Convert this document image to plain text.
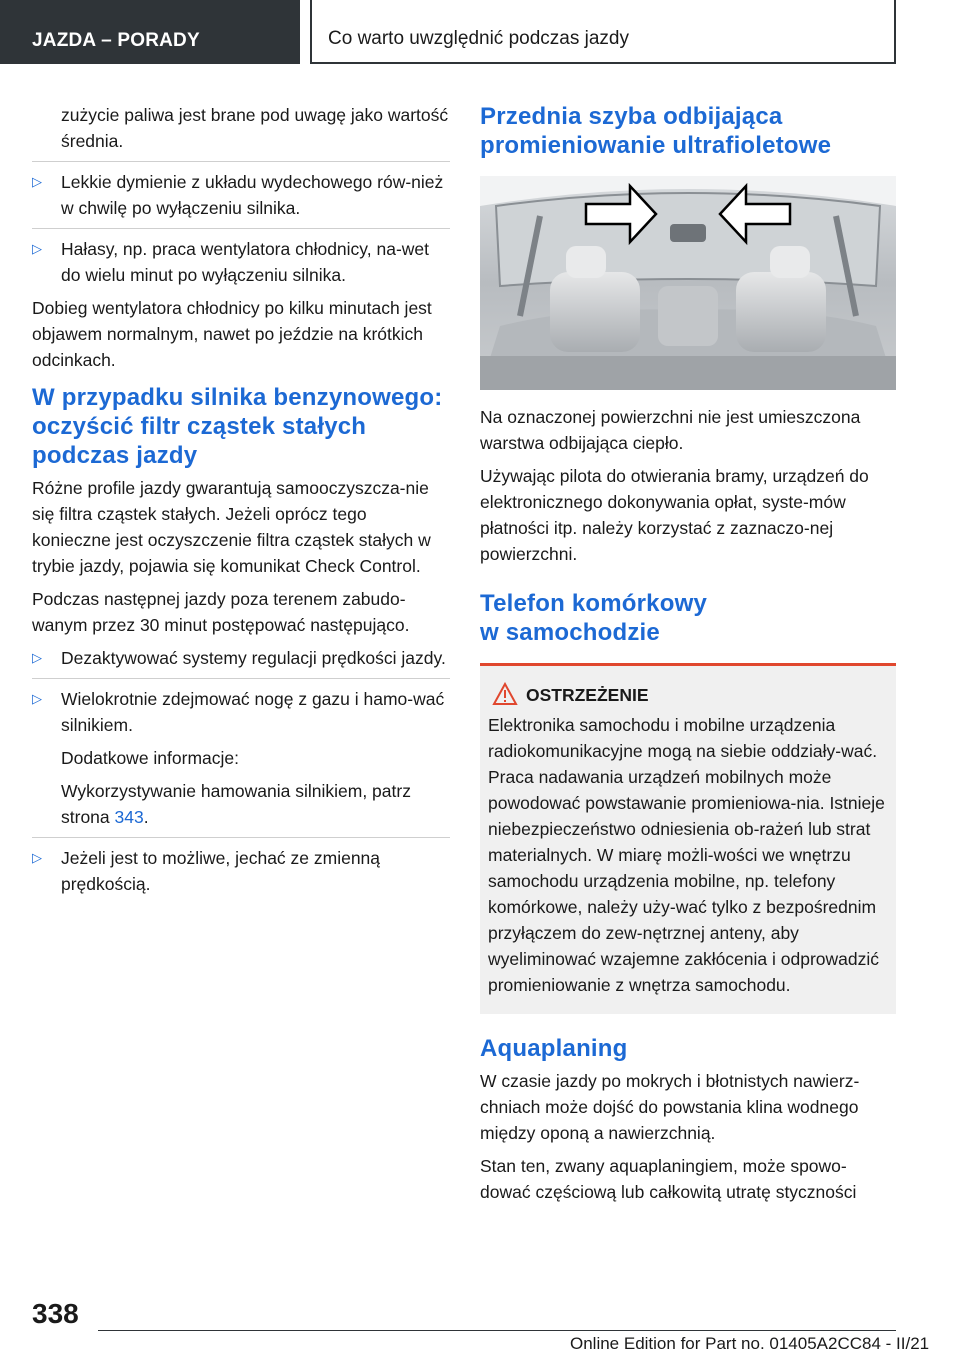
JAZDA – PORADY	Co warto uwzględnić podczas jazdy

zużycie paliwa jest brane pod uwagę jako wartość średnia.

▷ Lekkie dymienie z układu wydechowego rów-nież w chwilę po wyłączeniu silnika.
▷ Hałasy, np. praca wentylatora chłodnicy, na-wet do wielu minut po wyłączeniu silnika.

Dobieg wentylatora chłodnicy po kilku minutach jest objawem normalnym, nawet po jeździe na krótkich odcinkach.

W przypadku silnika benzynowego: oczyścić filtr cząstek stałych podczas jazdy

Różne profile jazdy gwarantują samooczyszcza-nie się filtra cząstek stałych. Jeżeli oprócz tego konieczne jest oczyszczenie filtra cząstek stałych w trybie jazdy, pojawia się komunikat Check Control.

Podczas następnej jazdy poza terenem zabudo-wanym przez 30 minut postępować następująco.

▷ Dezaktywować systemy regulacji prędkości jazdy.
▷ Wielokrotnie zdejmować nogę z gazu i hamo-wać silnikiem.

Dodatkowe informacje:

Wykorzystywanie hamowania silnikiem, patrz strona 343.

▷ Jeżeli jest to możliwe, jechać ze zmienną prędkością.
Przednia szyba odbijająca promieniowanie ultrafioletowe

Na oznaczonej powierzchni nie jest umieszczona warstwa odbijająca ciepło.

Używając pilota do otwierania bramy, urządzeń do elektronicznego dokonywania opłat, syste-mów płatności itp. należy korzystać z zaznaczo-nej powierzchni.

Telefon komórkowy
w samochodzie
OSTRZEŻENIE
Elektronika samochodu i mobilne urządzenia radiokomunikacyjne mogą na siebie oddziały-wać. Praca nadawania urządzeń mobilnych może powodować powstawanie promieniowa-nia. Istnieje niebezpieczeństwo odniesienia ob-rażeń lub strat materialnych. W miarę możli-wości we wnętrzu samochodu urządzenia mobilne, np. telefony komórkowe, należy uży-wać tylko z bezpośrednim przyłączem do zew-nętrznej anteny, aby wyeliminować wzajemne zakłócenia i odprowadzić promieniowanie z wnętrza samochodu.
Aquaplaning

W czasie jazdy po mokrych i błotnistych nawierz-chniach może dojść do powstania klina wodnego między oponą a nawierzchnią.

Stan ten, zwany aquaplaningiem, może spowo-dować częściową lub całkowitą utratę styczności

338
Online Edition for Part no. 01405A2CC84 - II/21
